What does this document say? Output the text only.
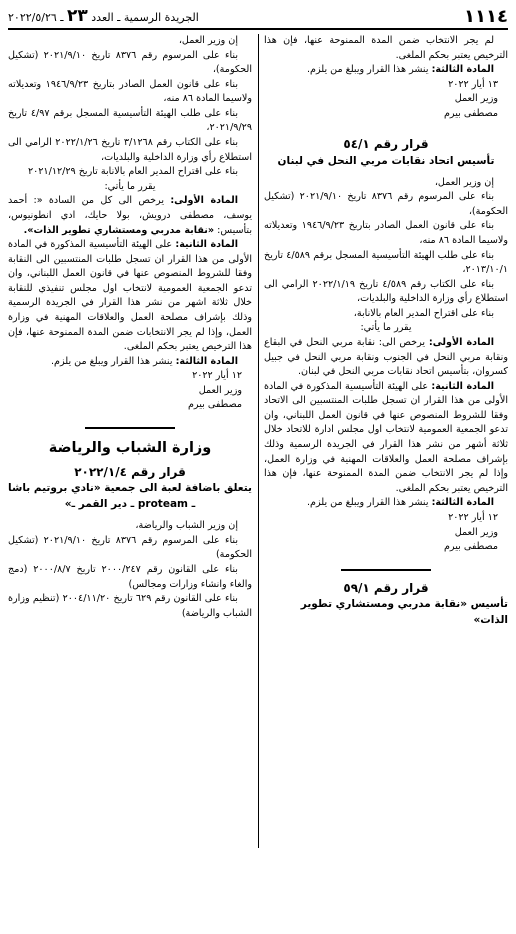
١١١٤
الجريدة الرسمية ـ العدد ٢٣ ـ ٢٠٢٢/٥/٢٦

لم يجر الانتخاب ضمن المدة الممنوحة عنها، فإن هذا الترخيص يعتبر بحكم الملغى.

المادة الثالثة: ينشر هذا القرار ويبلغ من يلزم.

١٣ أيار ٢٠٢٢

وزير العمل

مصطفى بيرم

قرار رقم ٥٤/١
تأسيس اتحاد نقابات مربي النحل في لبنان

إن وزير العمل،

بناء على المرسوم رقم ٨٣٧٦ تاريخ ٢٠٢١/٩/١٠ (تشكيل الحكومة)،

بناء على قانون العمل الصادر بتاريخ ١٩٤٦/٩/٢٣ وتعديلاته ولاسيما المادة ٨٦ منه،

بناء على طلب الهيئة التأسيسية المسجل برقم ٤/٥٨٩ تاريخ ٢٠١٣/١٠/١،

بناء على الكتاب رقم ٤/٥٨٩ تاريخ ٢٠٢٢/١/١٩ الرامي الى استطلاع رأي وزارة الداخلية والبلديات،

بناء على اقتراح المدير العام بالانابة،

يقرر ما يأتي:

المادة الأولى: يرخص الى: نقابة مربي النحل في البقاع ونقابة مربي النحل في الجنوب ونقابة مربي النحل في جبيل كسروان، بتأسيس اتحاد نقابات مربي النحل في لبنان.

المادة الثانية: على الهيئة التأسيسية المذكورة في المادة الأولى من هذا القرار ان تسجل طلبات المنتسبين الى الاتحاد وفقا للشروط المنصوص عنها في قانون العمل اللبناني، وان تدعو الجمعية العمومية لانتخاب اول مجلس ادارة للاتحاد خلال ثلاثة أشهر من نشر هذا القرار في الجريدة الرسمية وذلك بإشراف مصلحة العمل والعلاقات المهنية في وزارة العمل، وإذا لم يجر الانتخاب ضمن المدة الممنوحة عنها، فإن هذا الترخيص يعتبر بحكم الملغى.

المادة الثالثة: ينشر هذا القرار ويبلغ من يلزم.

١٢ أيار ٢٠٢٢

وزير العمل

مصطفى بيرم

قرار رقم ٥٩/١
تأسيس «نقابة مدربي ومستشاري تطوير الذات»

إن وزير العمل،

بناء على المرسوم رقم ٨٣٧٦ تاريخ ٢٠٢١/٩/١٠ (تشكيل الحكومة)،

بناء على قانون العمل الصادر بتاريخ ١٩٤٦/٩/٢٣ وتعديلاته ولاسيما المادة ٨٦ منه،

بناء على طلب الهيئة التأسيسية المسجل برقم ٤/٩٧ تاريخ ٢٠٢١/٩/٢٩،

بناء على الكتاب رقم ٣/١٢٦٨ تاريخ ٢٠٢٢/١/٢٦ الرامي الى استطلاع رأي وزارة الداخلية والبلديات،

بناء على اقتراح المدير العام بالانابة تاريخ ٢٠٢١/١٢/٢٩

يقرر ما يأتي:

المادة الأولى: يرخص الى كل من السادة «: أحمد يوسف، مصطفى درويش، بولا حايك، ادي انطونيوس، بتأسيس: «نقابة مدربي ومستشاري تطوير الذات».

المادة الثانية: على الهيئة التأسيسية المذكورة في المادة الأولى من هذا القرار ان تسجل طلبات المنتسبين الى النقابة وفقا للشروط المنصوص عنها في قانون العمل اللبناني، وان تدعو الجمعية العمومية لانتخاب اول مجلس تنفيذي للنقابة خلال ثلاثة اشهر من نشر هذا القرار في الجريدة الرسمية وذلك بإشراف مصلحة العمل والعلاقات المهنية في وزارة العمل، وإذا لم يجر الانتخابات ضمن المدة الممنوحة عنها، فإن هذا الترخيص يعتبر بحكم الملغى.

المادة الثالثة: ينشر هذا القرار ويبلغ من يلزم.

١٢ أيار ٢٠٢٢

وزير العمل

مصطفى بيرم

وزارة الشباب والرياضة
قرار رقم ٢٠٢٢/١/٤
يتعلق باضافة لعبة الى جمعية «نادي بروتيم باشا ـ proteam ـ دير القمر ـ»

إن وزير الشباب والرياضة،

بناء على المرسوم رقم ٨٣٧٦ تاريخ ٢٠٢١/٩/١٠ (تشكيل الحكومة)

بناء على القانون رقم ٢٠٠٠/٢٤٧ تاريخ ٢٠٠٠/٨/٧ (دمج والغاء وانشاء وزارات ومجالس)

بناء على القانون رقم ٦٢٩ تاريخ ٢٠٠٤/١١/٢٠ (تنظيم وزارة الشباب والرياضة)
